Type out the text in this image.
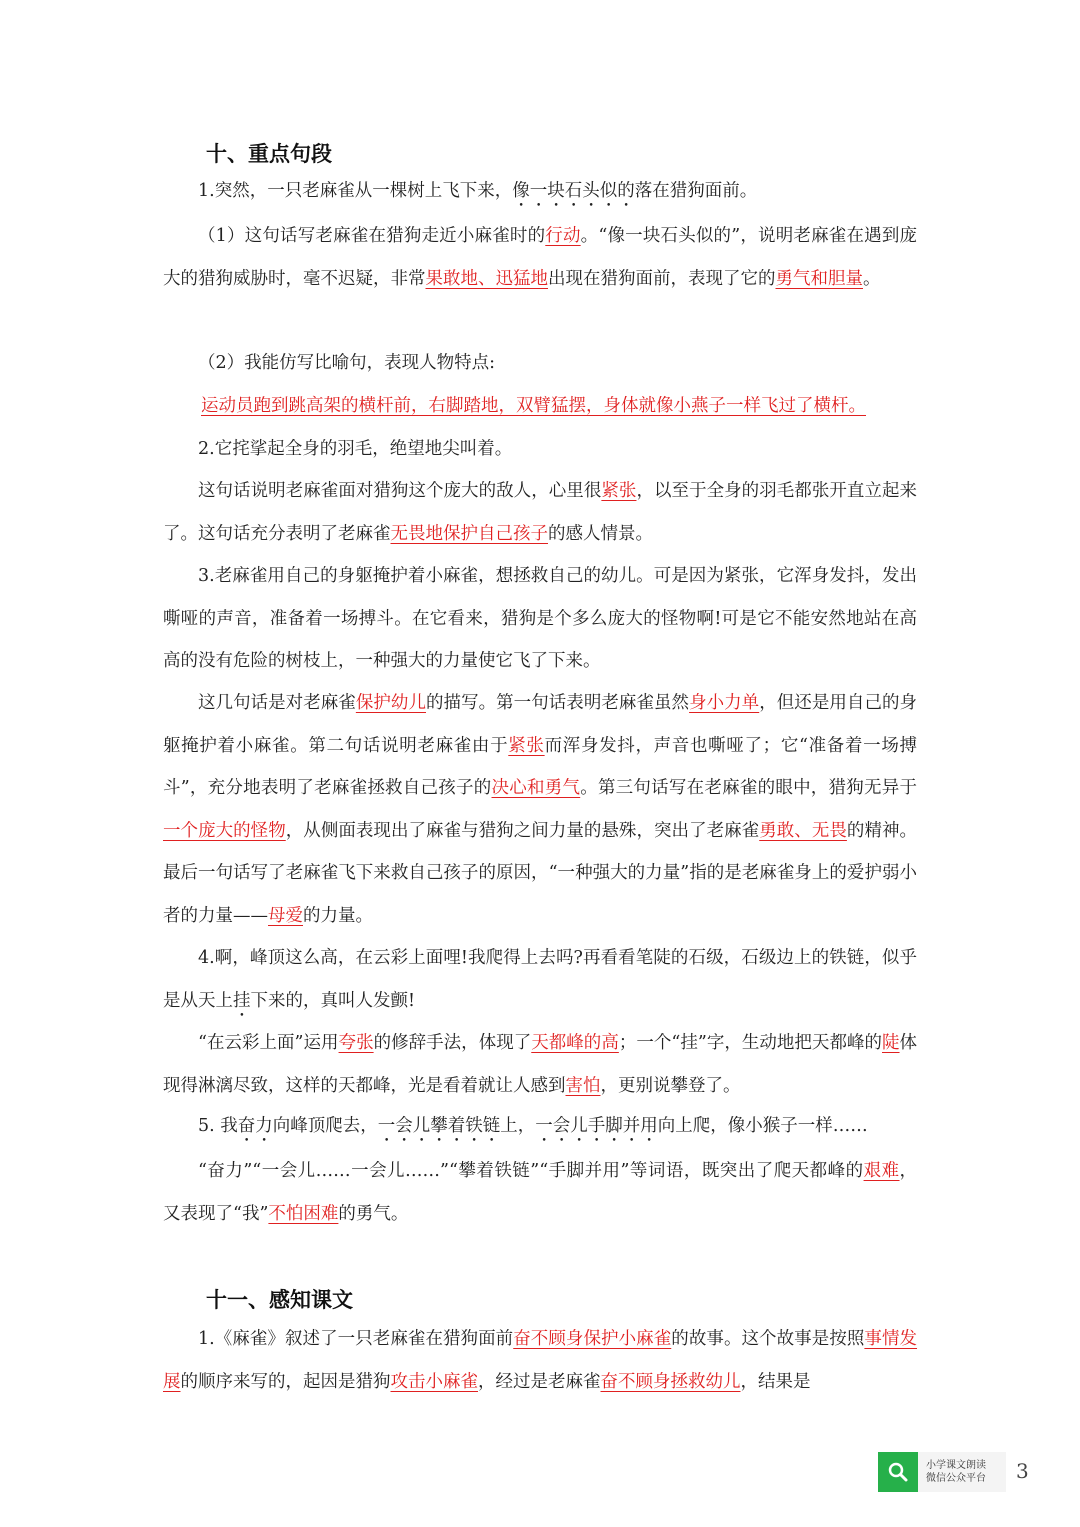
十、重点句段

1.突然，一只老麻雀从一棵树上飞下来，像一块石头似的落在猎狗面前。

（1）这句话写老麻雀在猎狗走近小麻雀时的行动。“像一块石头似的”，说明老麻雀在遇到庞大的猎狗威胁时，毫不迟疑，非常果敢地、迅猛地出现在猎狗面前，表现了它的勇气和胆量。

（2）我能仿写比喻句，表现人物特点:

运动员跑到跳高架的横杆前，右脚踏地，双臂猛摆，身体就像小燕子一样飞过了横杆。

2.它挓挲起全身的羽毛，绝望地尖叫着。

这句话说明老麻雀面对猎狗这个庞大的敌人，心里很紧张，以至于全身的羽毛都张开直立起来了。这句话充分表明了老麻雀无畏地保护自己孩子的感人情景。

3.老麻雀用自己的身躯掩护着小麻雀，想拯救自己的幼儿。可是因为紧张，它浑身发抖，发出嘶哑的声音，准备着一场搏斗。在它看来，猎狗是个多么庞大的怪物啊!可是它不能安然地站在高高的没有危险的树枝上，一种强大的力量使它飞了下来。

这几句话是对老麻雀保护幼儿的描写。第一句话表明老麻雀虽然身小力单，但还是用自己的身躯掩护着小麻雀。第二句话说明老麻雀由于紧张而浑身发抖，声音也嘶哑了；它“准备着一场搏斗”，充分地表明了老麻雀拯救自己孩子的决心和勇气。第三句话写在老麻雀的眼中，猎狗无异于一个庞大的怪物，从侧面表现出了麻雀与猎狗之间力量的悬殊，突出了老麻雀勇敢、无畏的精神。最后一句话写了老麻雀飞下来救自己孩子的原因，“一种强大的力量”指的是老麻雀身上的爱护弱小者的力量——母爱的力量。

4.啊，峰顶这么高，在云彩上面哩!我爬得上去吗?再看看笔陡的石级，石级边上的铁链，似乎是从天上挂下来的，真叫人发颤!

“在云彩上面”运用夸张的修辞手法，体现了天都峰的高；一个“挂”字，生动地把天都峰的陡体现得淋漓尽致，这样的天都峰，光是看着就让人感到害怕，更别说攀登了。

5. 我奋力向峰顶爬去，一会儿攀着铁链上，一会儿手脚并用向上爬，像小猴子一样……

“奋力”“一会儿……一会儿……”“攀着铁链”“手脚并用”等词语，既突出了爬天都峰的艰难，又表现了“我”不怕困难的勇气。

十一、感知课文

1.《麻雀》叙述了一只老麻雀在猎狗面前奋不顾身保护小麻雀的故事。这个故事是按照事情发展的顺序来写的，起因是猎狗攻击小麻雀，经过是老麻雀奋不顾身拯救幼儿，结果是

小学课文朗读
微信公众平台 3
